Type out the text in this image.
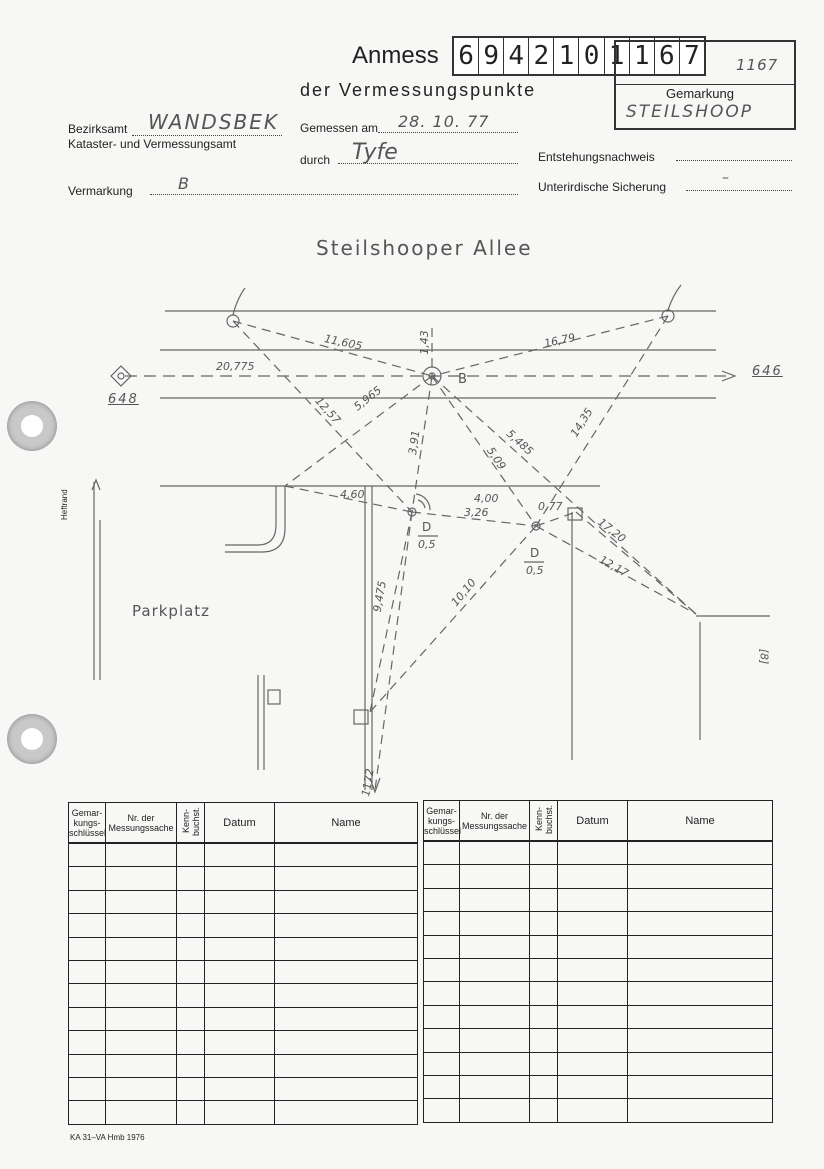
Anmess 6 9 4 2 1 0 1 1 6 7 1167
Gemarkung
STEILSHOOP
der Vermessungspunkte
Bezirksamt WANDSBEK
Kataster- und Vermessungsamt
Gemessen am 28. 10. 77
durch Tyfe	Entstehungsnachweis
Vermarkung	B	Unterirdische Sicherung
–
Heftrand
Steilshooper Allee
Parkplatz
648
646
B
D
0,5
D
0,5
[8]
11,605	1,43	16,79
20,775
12,57 5,965
3,91	5,485
5,09
14,35
4,60	4,00
3,26	0,77
17,20
12,17
10,10
9,475
1172
Gemar-kungs-schlüssel	Nr. der Messungssache	Kenn-buchst.	Datum	Name

Gemar-kungs-schlüssel	Nr. der Messungssache	Kenn-buchst.	Datum	Name

KA 31–VA Hmb 1976
